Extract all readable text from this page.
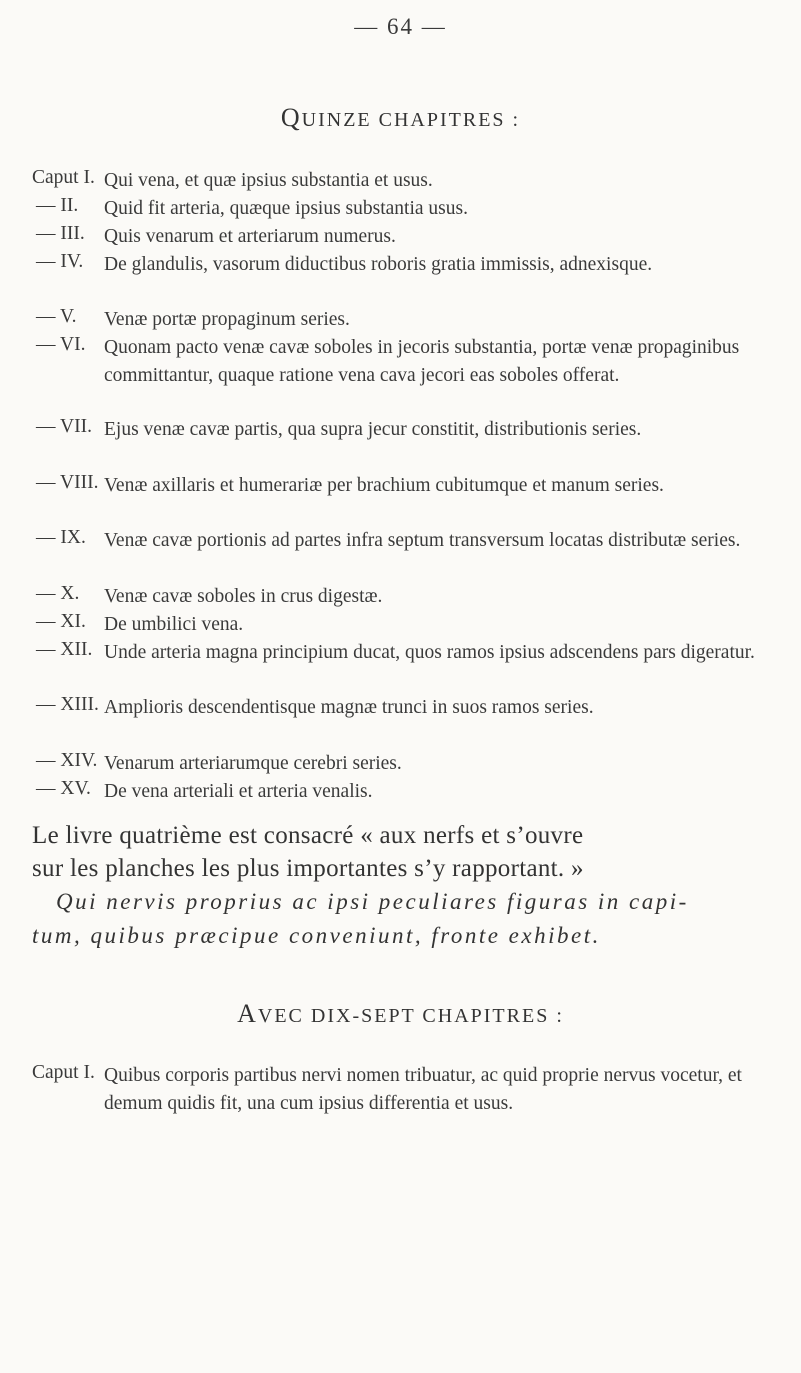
— 64 —
QUINZE CHAPITRES :
Caput I. Qui vena, et quæ ipsius substantia et usus.
— II. Quid fit arteria, quæque ipsius substantia usus.
— III. Quis venarum et arteriarum numerus.
— IV. De glandulis, vasorum diductibus roboris gratia immissis, adnexisque.
— V. Venæ portæ propaginum series.
— VI. Quonam pacto venæ cavæ soboles in jecoris substantia, portæ venæ propaginibus committantur, quaque ratione vena cava jecori eas soboles offerat.
— VII. Ejus venæ cavæ partis, qua supra jecur constitit, distributionis series.
— VIII. Venæ axillaris et humerariæ per brachium cubitumque et manum series.
— IX. Venæ cavæ portionis ad partes infra septum transversum locatas distributæ series.
— X. Venæ cavæ soboles in crus digestæ.
— XI. De umbilici vena.
— XII. Unde arteria magna principium ducat, quos ramos ipsius adscendens pars digeratur.
— XIII. Amplioris descendentisque magnæ trunci in suos ramos series.
— XIV. Venarum arteriarumque cerebri series.
— XV. De vena arteriali et arteria venalis.
Le livre quatrième est consacré « aux nerfs et s’ouvre
sur les planches les plus importantes s’y rapportant. »
Qui nervis proprius ac ipsi peculiares figuras in capi-
tum, quibus præcipue conveniunt, fronte exhibet.
AVEC DIX-SEPT CHAPITRES :
Caput I. Quibus corporis partibus nervi nomen tribuatur, ac quid proprie nervus vocetur, et demum quidis fit, una cum ipsius differentia et usus.
